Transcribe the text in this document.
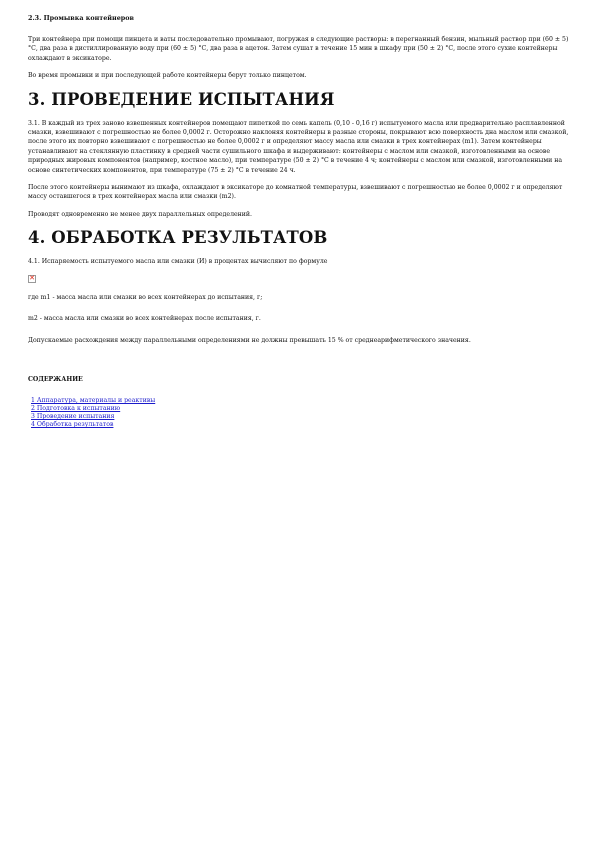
2.3. Промывка контейнеров

Три контейнера при помощи пинцета и ваты последовательно промывают, погружая в следующие растворы: в перегнанный бензин, мыльный раствор при (60 ± 5) °С, два раза в дистиллированную воду при (60 ± 5) °С, два раза в ацетон. Затем сушат в течение 15 мин в шкафу при (50 ± 2) °С, после этого сухие контейнеры охлаждают в эксикаторе.

Во время промывки и при последующей работе контейнеры берут только пинцетом.

3. ПРОВЕДЕНИЕ ИСПЫТАНИЯ

3.1. В каждый из трех заново взвешенных контейнеров помещают пипеткой по семь капель (0,10 - 0,16 г) испытуемого масла или предварительно расплавленной смазки, взвешивают с погрешностью не более 0,0002 г. Осторожно наклоняя контейнеры в разные стороны, покрывают всю поверхность дна маслом или смазкой, после этого их повторно взвешивают с погрешностью не более 0,0002 г и определяют массу масла или смазки в трех контейнерах (m1). Затем контейнеры устанавливают на стеклянную пластинку в средней части сушильного шкафа и выдерживают: контейнеры с маслом или смазкой, изготовленными на основе природных жировых компонентов (например, костное масло), при температуре (50 ± 2) °С в течение 4 ч; контейнеры с маслом или смазкой, изготовленными на основе синтетических компонентов, при температуре (75 ± 2) °С в течение 24 ч.

После этого контейнеры вынимают из шкафа, охлаждают в эксикаторе до комнатной температуры, взвешивают с погрешностью не более 0,0002 г и определяют массу оставшегося в трех контейнерах масла или смазки (m2).

Проводят одновременно не менее двух параллельных определений.

4. ОБРАБОТКА РЕЗУЛЬТАТОВ

4.1. Испаряемость испытуемого масла или смазки (И) в процентах вычисляют по формуле

✕

где m1 - масса масла или смазки во всех контейнерах до испытания, г;

m2 - масса масла или смазки во всех контейнерах после испытания, г.

Допускаемые расхождения между параллельными определениями не должны превышать 15 % от среднеарифметического значения.

СОДЕРЖАНИЕ

1 Аппаратура, материалы и реактивы
2 Подготовка к испытанию
3 Проведение испытания
4 Обработка результатов
